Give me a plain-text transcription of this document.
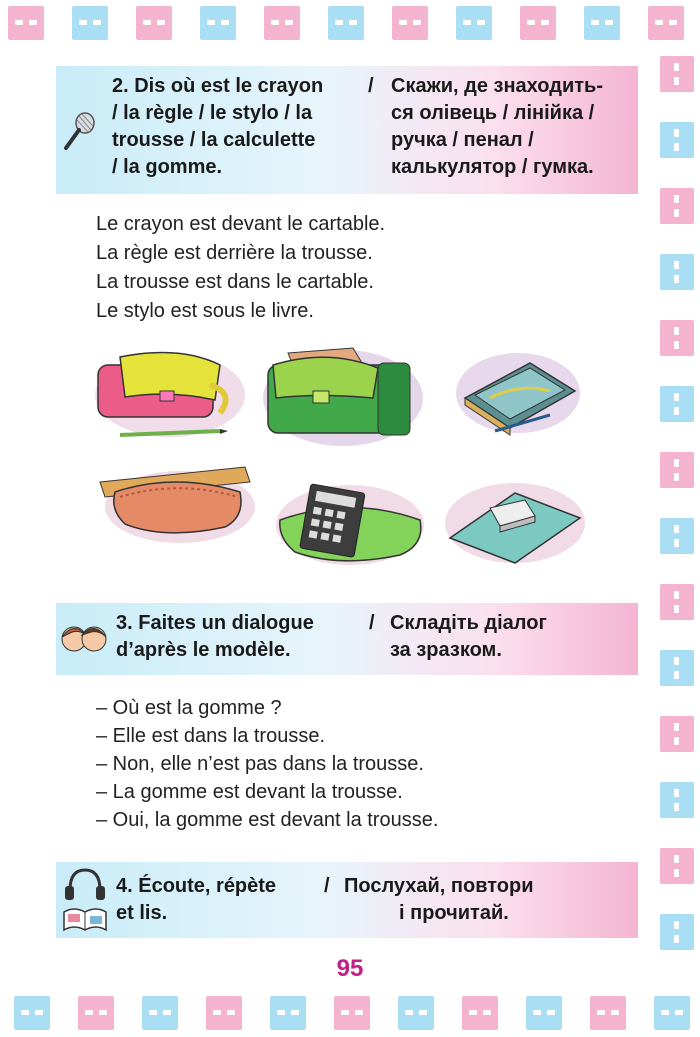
2. Dis où est le crayon
/ la règle / le stylo / la
trousse / la calculette
/ la gomme.
/ Скажи, де знаходить-
ся олівець / лінійка /
ручка / пенал /
калькулятор / гумка.
Le crayon est devant le cartable.
La règle est derrière la trousse.
La trousse est dans le cartable.
Le stylo est sous le livre.
3. Faites un dialogue
d’après le modèle.
/ Складіть діалог
за зразком.
– Où est la gomme ?
– Elle est dans la trousse.
– Non, elle n’est pas dans la trousse.
– La gomme est devant la trousse.
– Oui, la gomme est devant la trousse.
4. Écoute, répète
et lis.
/ Послухай, повтори
і прочитай.
95
